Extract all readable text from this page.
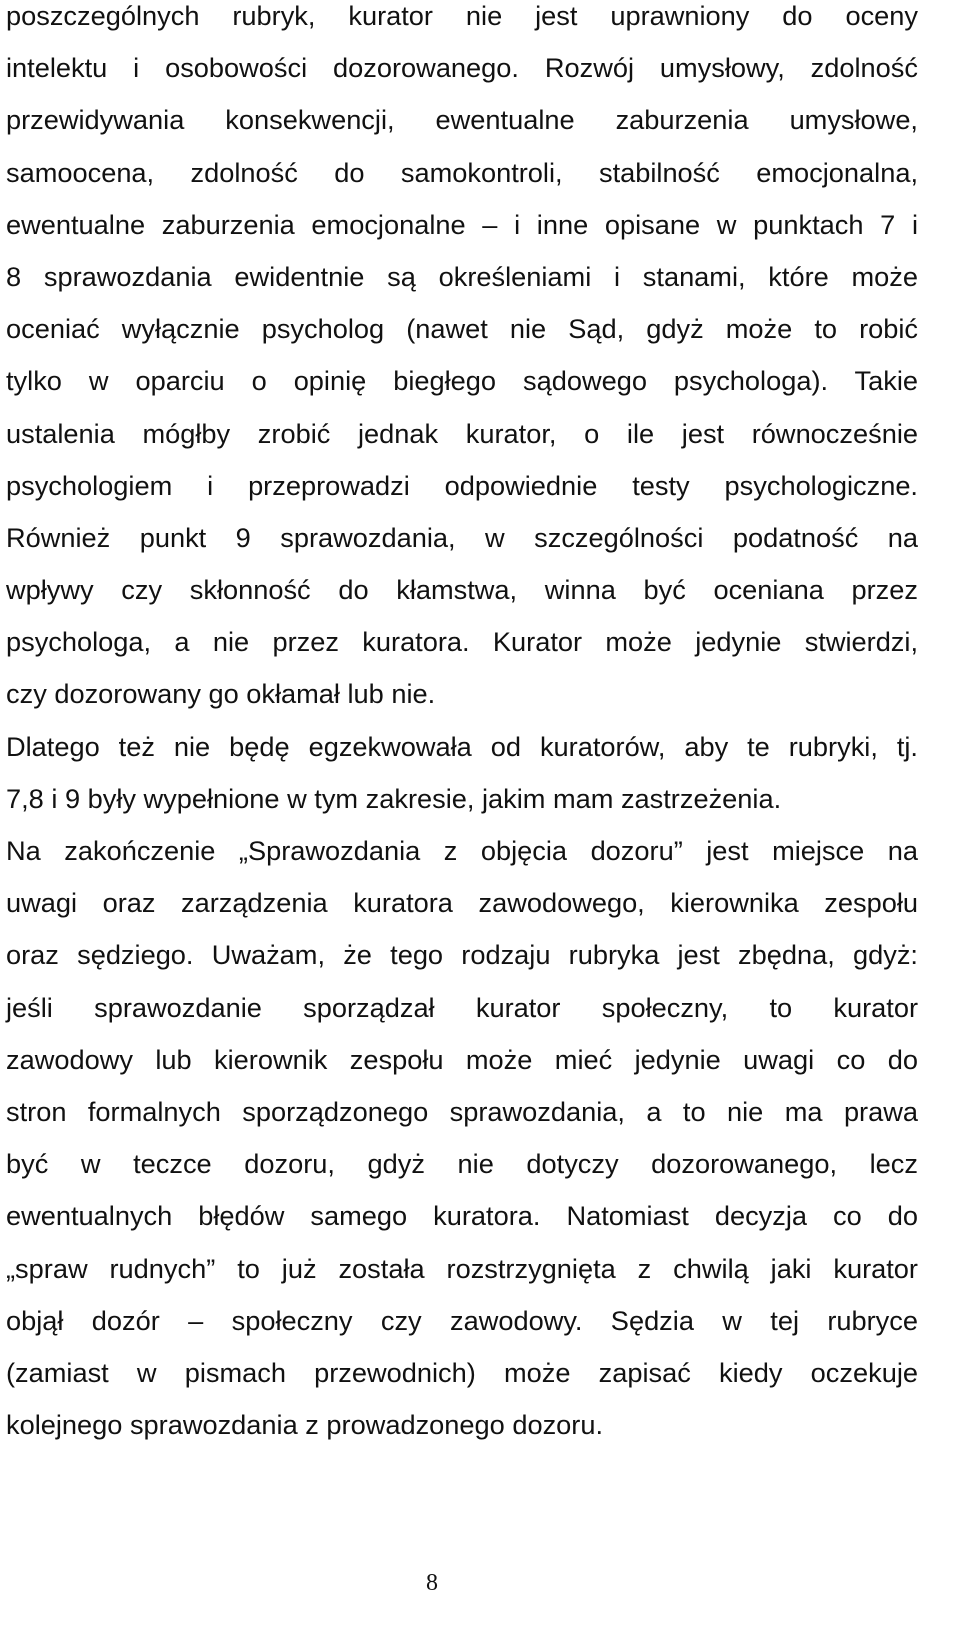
poszczególnych rubryk, kurator nie jest uprawniony do oceny
intelektu i osobowości dozorowanego. Rozwój umysłowy, zdolność
przewidywania konsekwencji, ewentualne zaburzenia umysłowe,
samoocena, zdolność do samokontroli, stabilność emocjonalna,
ewentualne zaburzenia emocjonalne – i inne opisane w punktach 7 i
8 sprawozdania ewidentnie są określeniami i stanami, które może
oceniać wyłącznie psycholog (nawet nie Sąd, gdyż może to robić
tylko w oparciu o opinię biegłego sądowego psychologa). Takie
ustalenia mógłby zrobić jednak kurator, o ile jest równocześnie
psychologiem i przeprowadzi odpowiednie testy psychologiczne.
Również punkt 9 sprawozdania, w szczególności podatność na
wpływy czy skłonność do kłamstwa, winna być oceniana przez
psychologa, a nie przez kuratora. Kurator może jedynie stwierdzi,
czy dozorowany go okłamał lub nie.
Dlatego też nie będę egzekwowała od kuratorów, aby te rubryki, tj.
7,8 i 9 były wypełnione w tym zakresie, jakim mam zastrzeżenia.
Na zakończenie „Sprawozdania z objęcia dozoru” jest miejsce na
uwagi oraz zarządzenia kuratora zawodowego, kierownika zespołu
oraz sędziego. Uważam, że tego rodzaju rubryka jest zbędna, gdyż:
jeśli sprawozdanie sporządzał kurator społeczny, to kurator
zawodowy lub kierownik zespołu może mieć jedynie uwagi co do
stron formalnych sporządzonego sprawozdania, a to nie ma prawa
być w teczce dozoru, gdyż nie dotyczy dozorowanego, lecz
ewentualnych błędów samego kuratora. Natomiast decyzja co do
„spraw rudnych” to już została rozstrzygnięta z chwilą jaki kurator
objął dozór – społeczny czy zawodowy. Sędzia w tej rubryce
(zamiast w pismach przewodnich) może zapisać kiedy oczekuje
kolejnego sprawozdania z prowadzonego dozoru.
8
